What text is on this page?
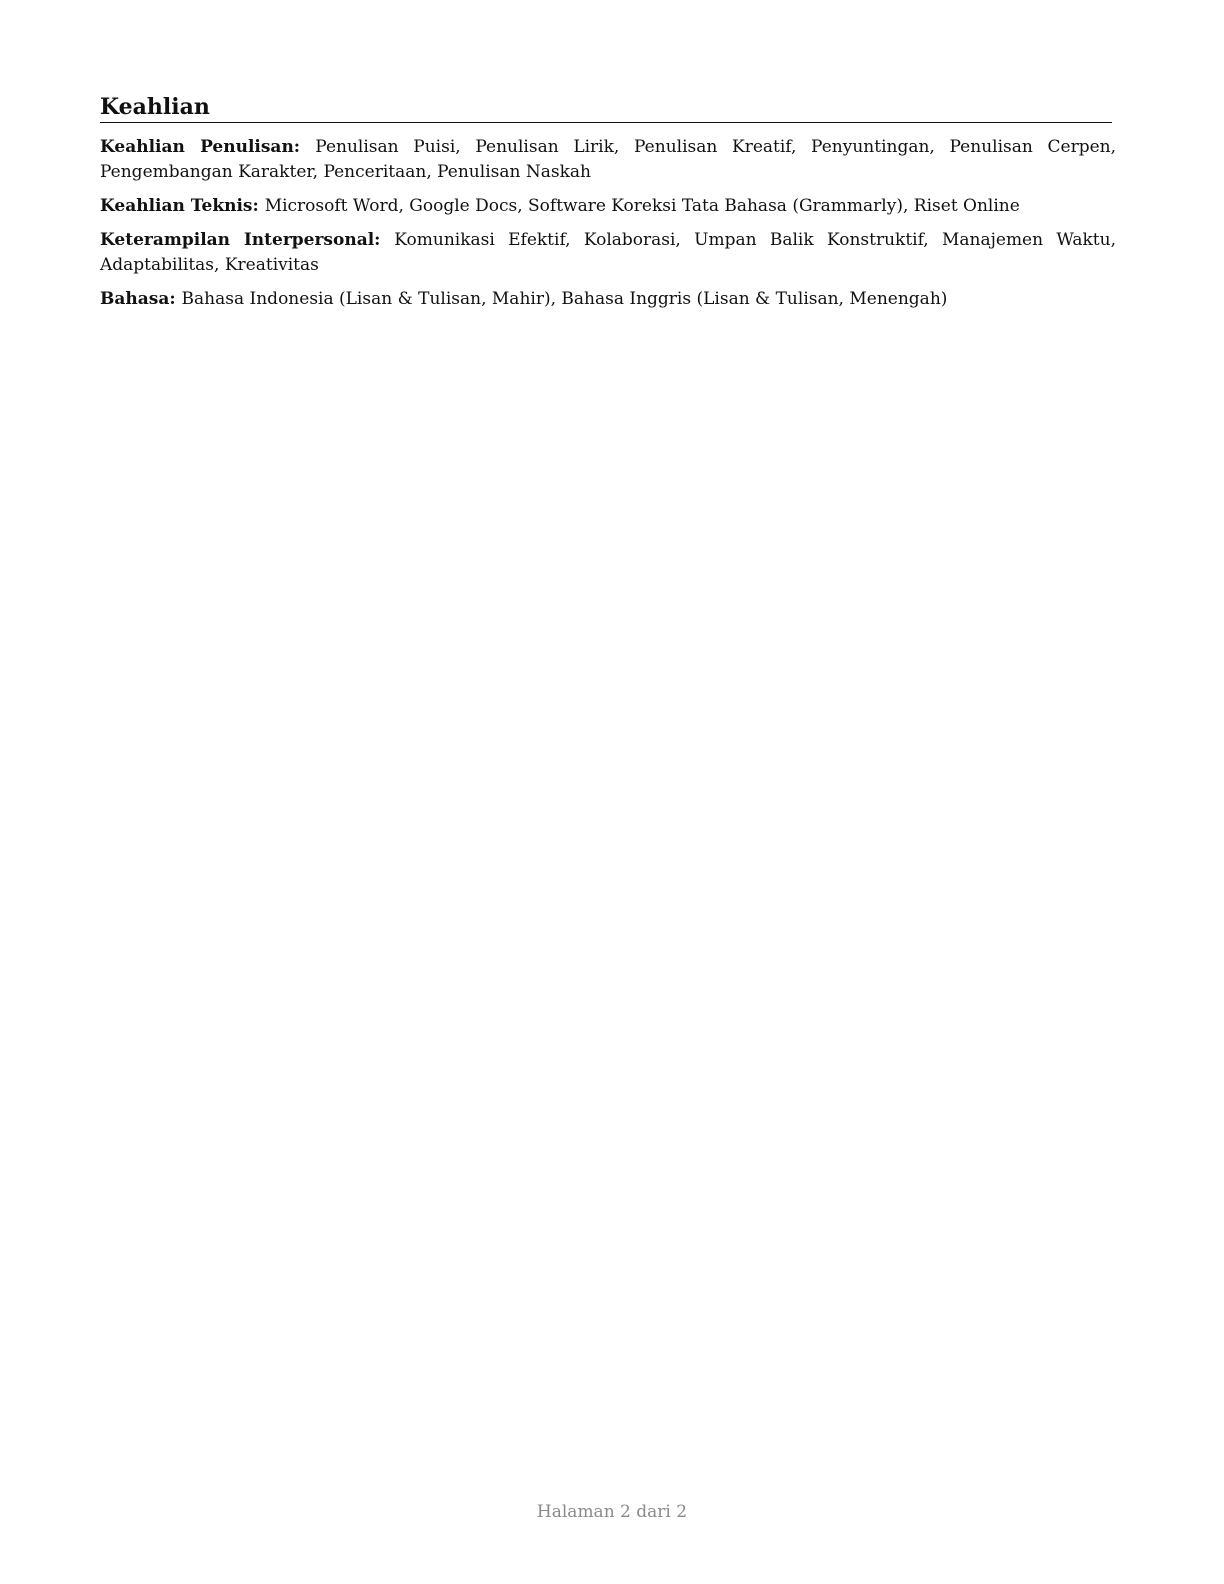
Keahlian

Keahlian Penulisan: Penulisan Puisi, Penulisan Lirik, Penulisan Kreatif, Penyuntingan, Penulisan Cerpen, Pengembangan Karakter, Penceritaan, Penulisan Naskah

Keahlian Teknis: Microsoft Word, Google Docs, Software Koreksi Tata Bahasa (Grammarly), Riset Online

Keterampilan Interpersonal: Komunikasi Efektif, Kolaborasi, Umpan Balik Konstruktif, Manajemen Waktu, Adaptabilitas, Kreativitas

Bahasa: Bahasa Indonesia (Lisan & Tulisan, Mahir), Bahasa Inggris (Lisan & Tulisan, Menengah)

Halaman 2 dari 2
